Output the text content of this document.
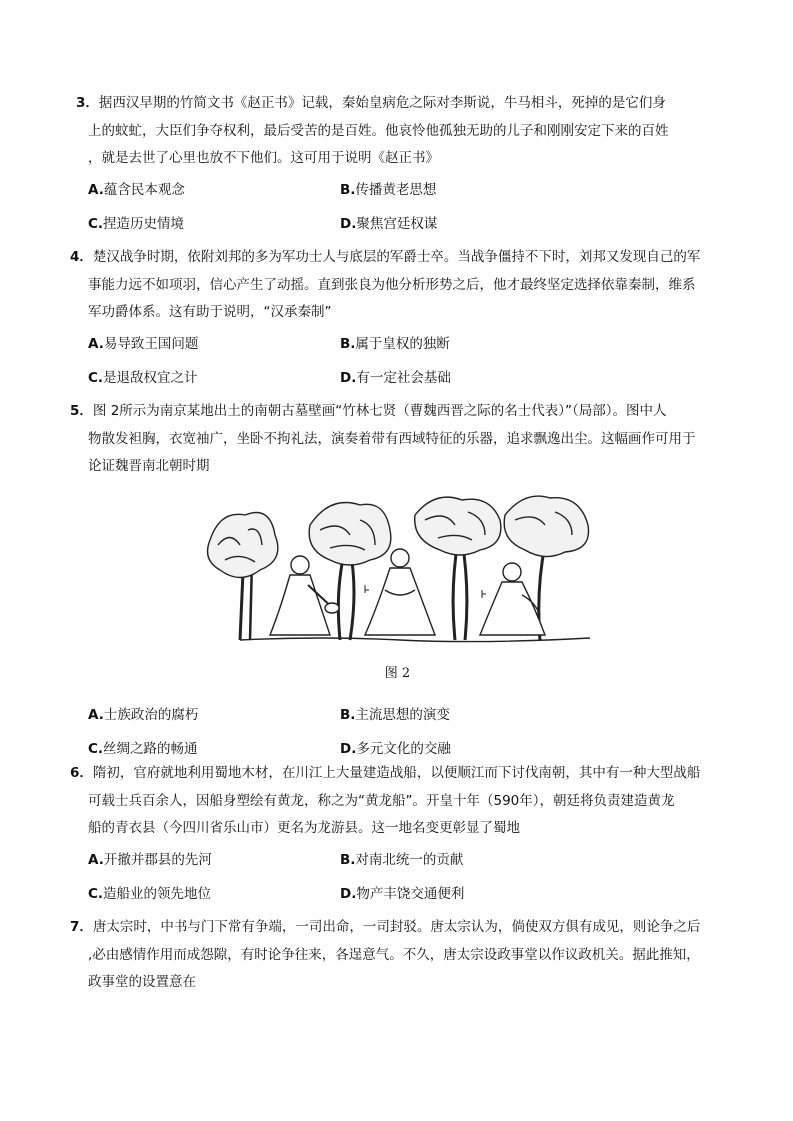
3．据西汉早期的竹简文书《赵正书》记载，秦始皇病危之际对李斯说，牛马相斗，死掉的是它们身
上的蚊虻，大臣们争夺权利，最后受苦的是百姓。他哀怜他孤独无助的儿子和刚刚安定下来的百姓
，就是去世了心里也放不下他们。这可用于说明《赵正书》
A.蕴含民本观念	B.传播黄老思想
C.捏造历史情境	D.聚焦宫廷权谋
4．楚汉战争时期，依附刘邦的多为军功士人与底层的军爵士卒。当战争僵持不下时，刘邦又发现自己的军
事能力远不如项羽，信心产生了动摇。直到张良为他分析形势之后，他才最终坚定选择依靠秦制，维系
军功爵体系。这有助于说明，“汉承秦制”
A.易导致王国问题	B.属于皇权的独断
C.是退敌权宜之计	D.有一定社会基础
5．图 2所示为南京某地出土的南朝古墓壁画“竹林七贤（曹魏西晋之际的名士代表）”（局部）。图中人
物散发袒胸，衣宽袖广，坐卧不拘礼法，演奏着带有西域特征的乐器，追求飘逸出尘。这幅画作可用于
论证魏晋南北朝时期
图 2
A.士族政治的腐朽	B.主流思想的演变
C.丝绸之路的畅通	D.多元文化的交融
6．隋初，官府就地利用蜀地木材，在川江上大量建造战船，以便顺江而下讨伐南朝，其中有一种大型战船
可载士兵百余人，因船身塑绘有黄龙，称之为“黄龙船”。开皇十年（590年），朝廷将负责建造黄龙
船的青衣县（今四川省乐山市）更名为龙游县。这一地名变更彰显了蜀地
A.开撤并郡县的先河	B.对南北统一的贡献
C.造船业的领先地位	D.物产丰饶交通便利
7．唐太宗时，中书与门下常有争端，一司出命，一司封驳。唐太宗认为，倘使双方俱有成见，则论争之后
,必由感情作用而成怨隙，有时论争往来，各逞意气。不久，唐太宗设政事堂以作议政机关。据此推知，
政事堂的设置意在
